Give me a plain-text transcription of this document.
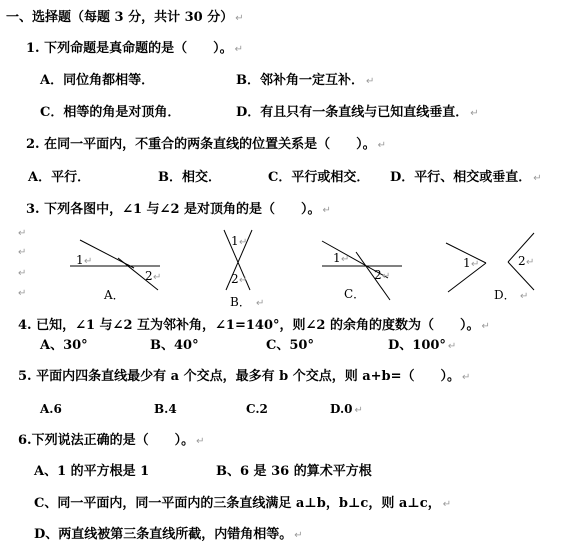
一、选择题（每题 3 分，共计 30 分） ↵
1. 下列命题是真命题的是（　　）。 ↵
A．同位角都相等．	B．邻补角一定互补． ↵
C．相等的角是对顶角．	D．有且只有一条直线与已知直线垂直． ↵
2. 在同一平面内，不重合的两条直线的位置关系是（　　）。 ↵
A．平行．	B．相交．	C．平行或相交． D．平行、相交或垂直． ↵
3. 下列各图中，∠1 与∠2 是对顶角的是（　　）。 ↵
↵
↵
↵
↵
1 ↵
2 ↵
A．
1 ↵
2 ↵
B． ↵
1 ↵
2 ↵
C．
1 ↵	2 ↵
D． ↵
4. 已知，∠1 与∠2 互为邻补角，∠1=140°，则∠2 的余角的度数为（　　）。 ↵
A、30°	B、40°	C、50°	D、100° ↵
5. 平面内四条直线最少有 a 个交点，最多有 b 个交点，则 a+b=（　　）。 ↵
A.6	B.4	C.2	D.0 ↵
6.下列说法正确的是（　　）。 ↵
A、1 的平方根是 1	B、6 是 36 的算术平方根
C、同一平面内，同一平面内的三条直线满足 a⊥b，b⊥c，则 a⊥c， ↵
D、两直线被第三条直线所截，内错角相等。 ↵
